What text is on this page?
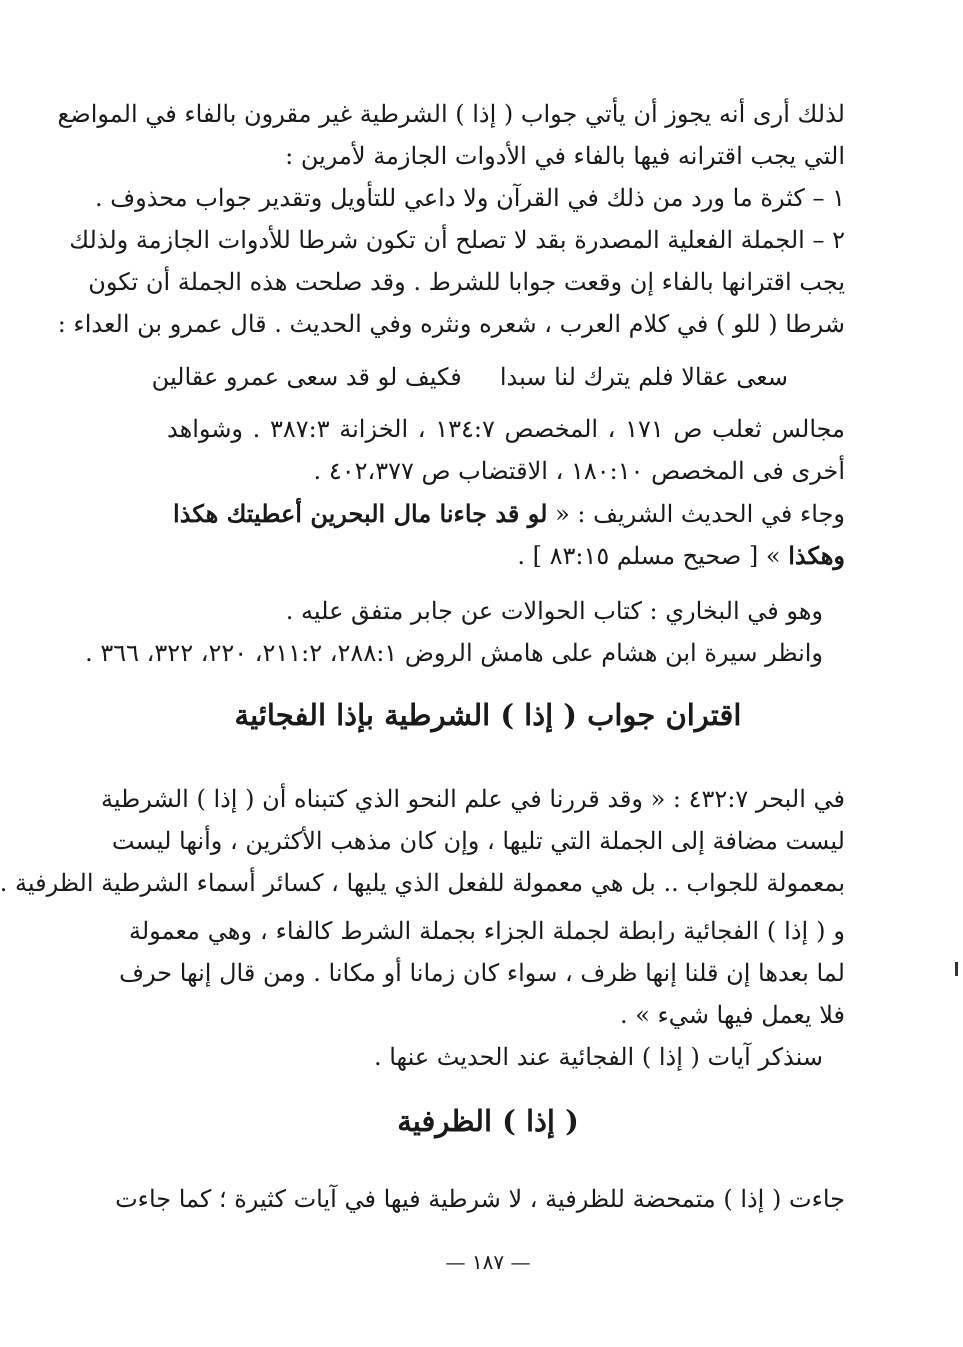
لذلك أرى أنه يجوز أن يأتي جواب ( إذا ) الشرطية غير مقرون بالفاء في المواضع
التي يجب اقترانه فيها بالفاء في الأدوات الجازمة لأمرين :
١ – كثرة ما ورد من ذلك في القرآن ولا داعي للتأويل وتقدير جواب محذوف .
٢ – الجملة الفعلية المصدرة بقد لا تصلح أن تكون شرطا للأدوات الجازمة ولذلك
يجب اقترانها بالفاء إن وقعت جوابا للشرط . وقد صلحت هذه الجملة أن تكون
شرطا ( للو ) في كلام العرب ، شعره ونثره وفي الحديث . قال عمرو بن العداء :
سعى عقالا فلم يترك لنا سبدا     فكيف لو قد سعى عمرو عقالين
مجالس ثعلب ص ١٧١ ، المخصص ١٣٤:٧ ، الخزانة ٣٨٧:٣ . وشواهد
أخرى فى المخصص ١٨٠:١٠ ، الاقتضاب ص ٤٠٢،٣٧٧ .
وجاء في الحديث الشريف : « لو قد جاءنا مال البحرين أعطيتك هكذا
وهكذا » [ صحيح مسلم ٨٣:١٥ ] .
وهو في البخاري : كتاب الحوالات عن جابر متفق عليه .
وانظر سيرة ابن هشام على هامش الروض ٢٨٨:١، ٢١١:٢، ٢٢٠، ٣٢٢، ٣٦٦ .
اقتران جواب ( إذا ) الشرطية بإذا الفجائية
في البحر ٤٣٢:٧ : « وقد قررنا في علم النحو الذي كتبناه أن ( إذا ) الشرطية
ليست مضافة إلى الجملة التي تليها ، وإن كان مذهب الأكثرين ، وأنها ليست
بمعمولة للجواب .. بل هي معمولة للفعل الذي يليها ، كسائر أسماء الشرطية الظرفية .
و ( إذا ) الفجائية رابطة لجملة الجزاء بجملة الشرط كالفاء ، وهي معمولة
لما بعدها إن قلنا إنها ظرف ، سواء كان زمانا أو مكانا . ومن قال إنها حرف
فلا يعمل فيها شيء » .
سنذكر آيات ( إذا ) الفجائية عند الحديث عنها .
( إذا ) الظرفية
جاءت ( إذا ) متمحضة للظرفية ، لا شرطية فيها في آيات كثيرة ؛ كما جاءت
— ١٨٧ —
